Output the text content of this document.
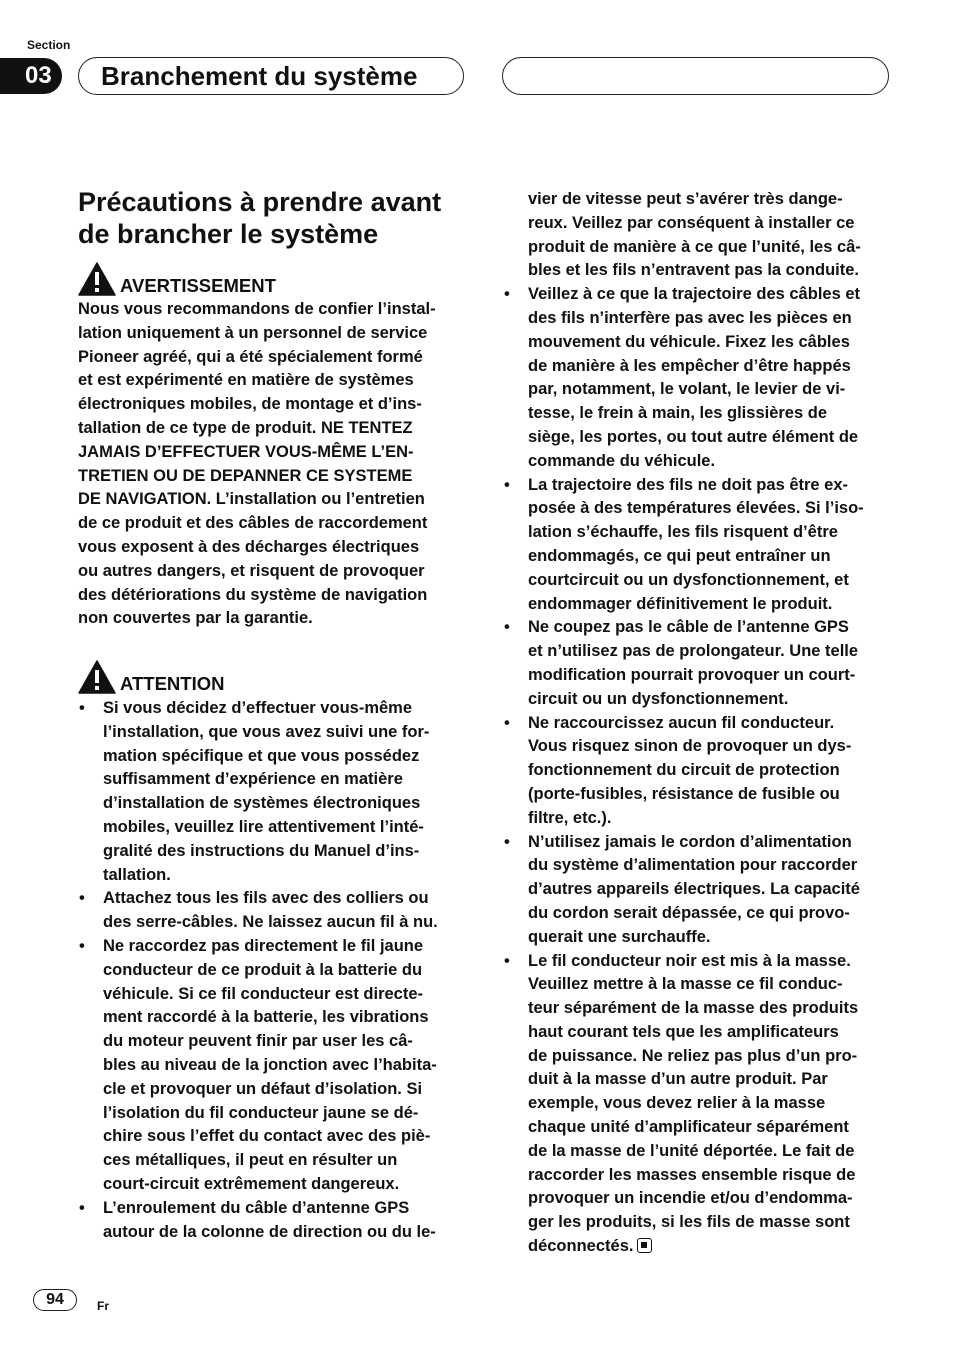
Section
03	Branchement du système
Précautions à prendre avant
de brancher le système
AVERTISSEMENT
Nous vous recommandons de confier l’instal-
lation uniquement à un personnel de service
Pioneer agréé, qui a été spécialement formé
et est expérimenté en matière de systèmes
électroniques mobiles, de montage et d’ins-
tallation de ce type de produit. NE TENTEZ
JAMAIS D’EFFECTUER VOUS-MÊME L’EN-
TRETIEN OU DE DEPANNER CE SYSTEME
DE NAVIGATION. L’installation ou l’entretien
de ce produit et des câbles de raccordement
vous exposent à des décharges électriques
ou autres dangers, et risquent de provoquer
des détériorations du système de navigation
non couvertes par la garantie.
ATTENTION
• Si vous décidez d’effectuer vous-même
l’installation, que vous avez suivi une for-
mation spécifique et que vous possédez
suffisamment d’expérience en matière
d’installation de systèmes électroniques
mobiles, veuillez lire attentivement l’inté-
gralité des instructions du Manuel d’ins-
tallation.
• Attachez tous les fils avec des colliers ou
des serre-câbles. Ne laissez aucun fil à nu.
• Ne raccordez pas directement le fil jaune
conducteur de ce produit à la batterie du
véhicule. Si ce fil conducteur est directe-
ment raccordé à la batterie, les vibrations
du moteur peuvent finir par user les câ-
bles au niveau de la jonction avec l’habita-
cle et provoquer un défaut d’isolation. Si
l’isolation du fil conducteur jaune se dé-
chire sous l’effet du contact avec des piè-
ces métalliques, il peut en résulter un
court-circuit extrêmement dangereux.
• L’enroulement du câble d’antenne GPS
autour de la colonne de direction ou du le-
vier de vitesse peut s’avérer très dange-
reux. Veillez par conséquent à installer ce
produit de manière à ce que l’unité, les câ-
bles et les fils n’entravent pas la conduite.
• Veillez à ce que la trajectoire des câbles et
des fils n’interfère pas avec les pièces en
mouvement du véhicule. Fixez les câbles
de manière à les empêcher d’être happés
par, notamment, le volant, le levier de vi-
tesse, le frein à main, les glissières de
siège, les portes, ou tout autre élément de
commande du véhicule.
• La trajectoire des fils ne doit pas être ex-
posée à des températures élevées. Si l’iso-
lation s’échauffe, les fils risquent d’être
endommagés, ce qui peut entraîner un
courtcircuit ou un dysfonctionnement, et
endommager définitivement le produit.
• Ne coupez pas le câble de l’antenne GPS
et n’utilisez pas de prolongateur. Une telle
modification pourrait provoquer un court-
circuit ou un dysfonctionnement.
• Ne raccourcissez aucun fil conducteur.
Vous risquez sinon de provoquer un dys-
fonctionnement du circuit de protection
(porte-fusibles, résistance de fusible ou
filtre, etc.).
• N’utilisez jamais le cordon d’alimentation
du système d’alimentation pour raccorder
d’autres appareils électriques. La capacité
du cordon serait dépassée, ce qui provo-
querait une surchauffe.
• Le fil conducteur noir est mis à la masse.
Veuillez mettre à la masse ce fil conduc-
teur séparément de la masse des produits
haut courant tels que les amplificateurs
de puissance. Ne reliez pas plus d’un pro-
duit à la masse d’un autre produit. Par
exemple, vous devez relier à la masse
chaque unité d’amplificateur séparément
de la masse de l’unité déportée. Le fait de
raccorder les masses ensemble risque de
provoquer un incendie et/ou d’endomma-
ger les produits, si les fils de masse sont
déconnectés.
94	Fr
